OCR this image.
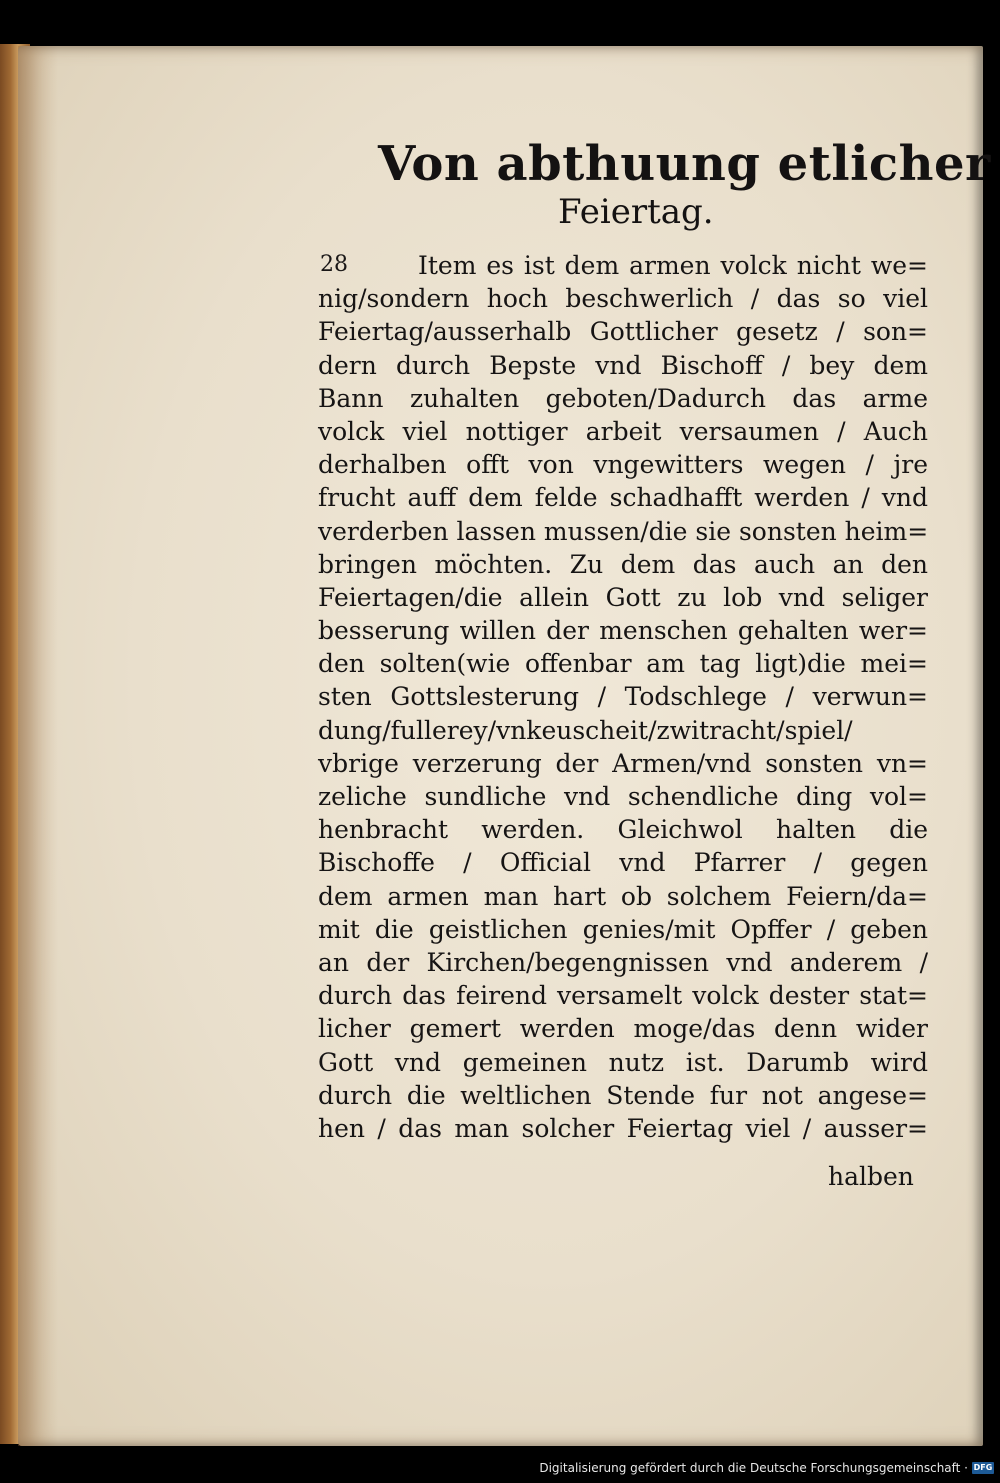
Von abthuung etlicher
Feiertag.
28	Item es ist dem armen volck nicht we=
nig/sondern hoch beschwerlich / das so viel
Feiertag/ausserhalb Gottlicher gesetz / son=
dern durch Bepste vnd Bischoff / bey dem
Bann zuhalten geboten/Dadurch das arme
volck viel nottiger arbeit versaumen / Auch
derhalben offt von vngewitters wegen / jre
frucht auff dem felde schadhafft werden / vnd
verderben lassen mussen/die sie sonsten heim=
bringen möchten. Zu dem das auch an den
Feiertagen/die allein Gott zu lob vnd seliger
besserung willen der menschen gehalten wer=
den solten(wie offenbar am tag ligt)die mei=
sten Gottslesterung / Todschlege / verwun=
dung/fullerey/vnkeuscheit/zwitracht/spiel/
vbrige verzerung der Armen/vnd sonsten vn=
zeliche sundliche vnd schendliche ding vol=
henbracht werden. Gleichwol halten die
Bischoffe / Official vnd Pfarrer / gegen
dem armen man hart ob solchem Feiern/da=
mit die geistlichen genies/mit Opffer / geben
an der Kirchen/begengnissen vnd anderem /
durch das feirend versamelt volck dester stat=
licher gemert werden moge/das denn wider
Gott vnd gemeinen nutz ist. Darumb wird
durch die weltlichen Stende fur not angese=
hen / das man solcher Feiertag viel / ausser=
halben
Digitalisierung gefördert durch die Deutsche Forschungsgemeinschaft · DFG
